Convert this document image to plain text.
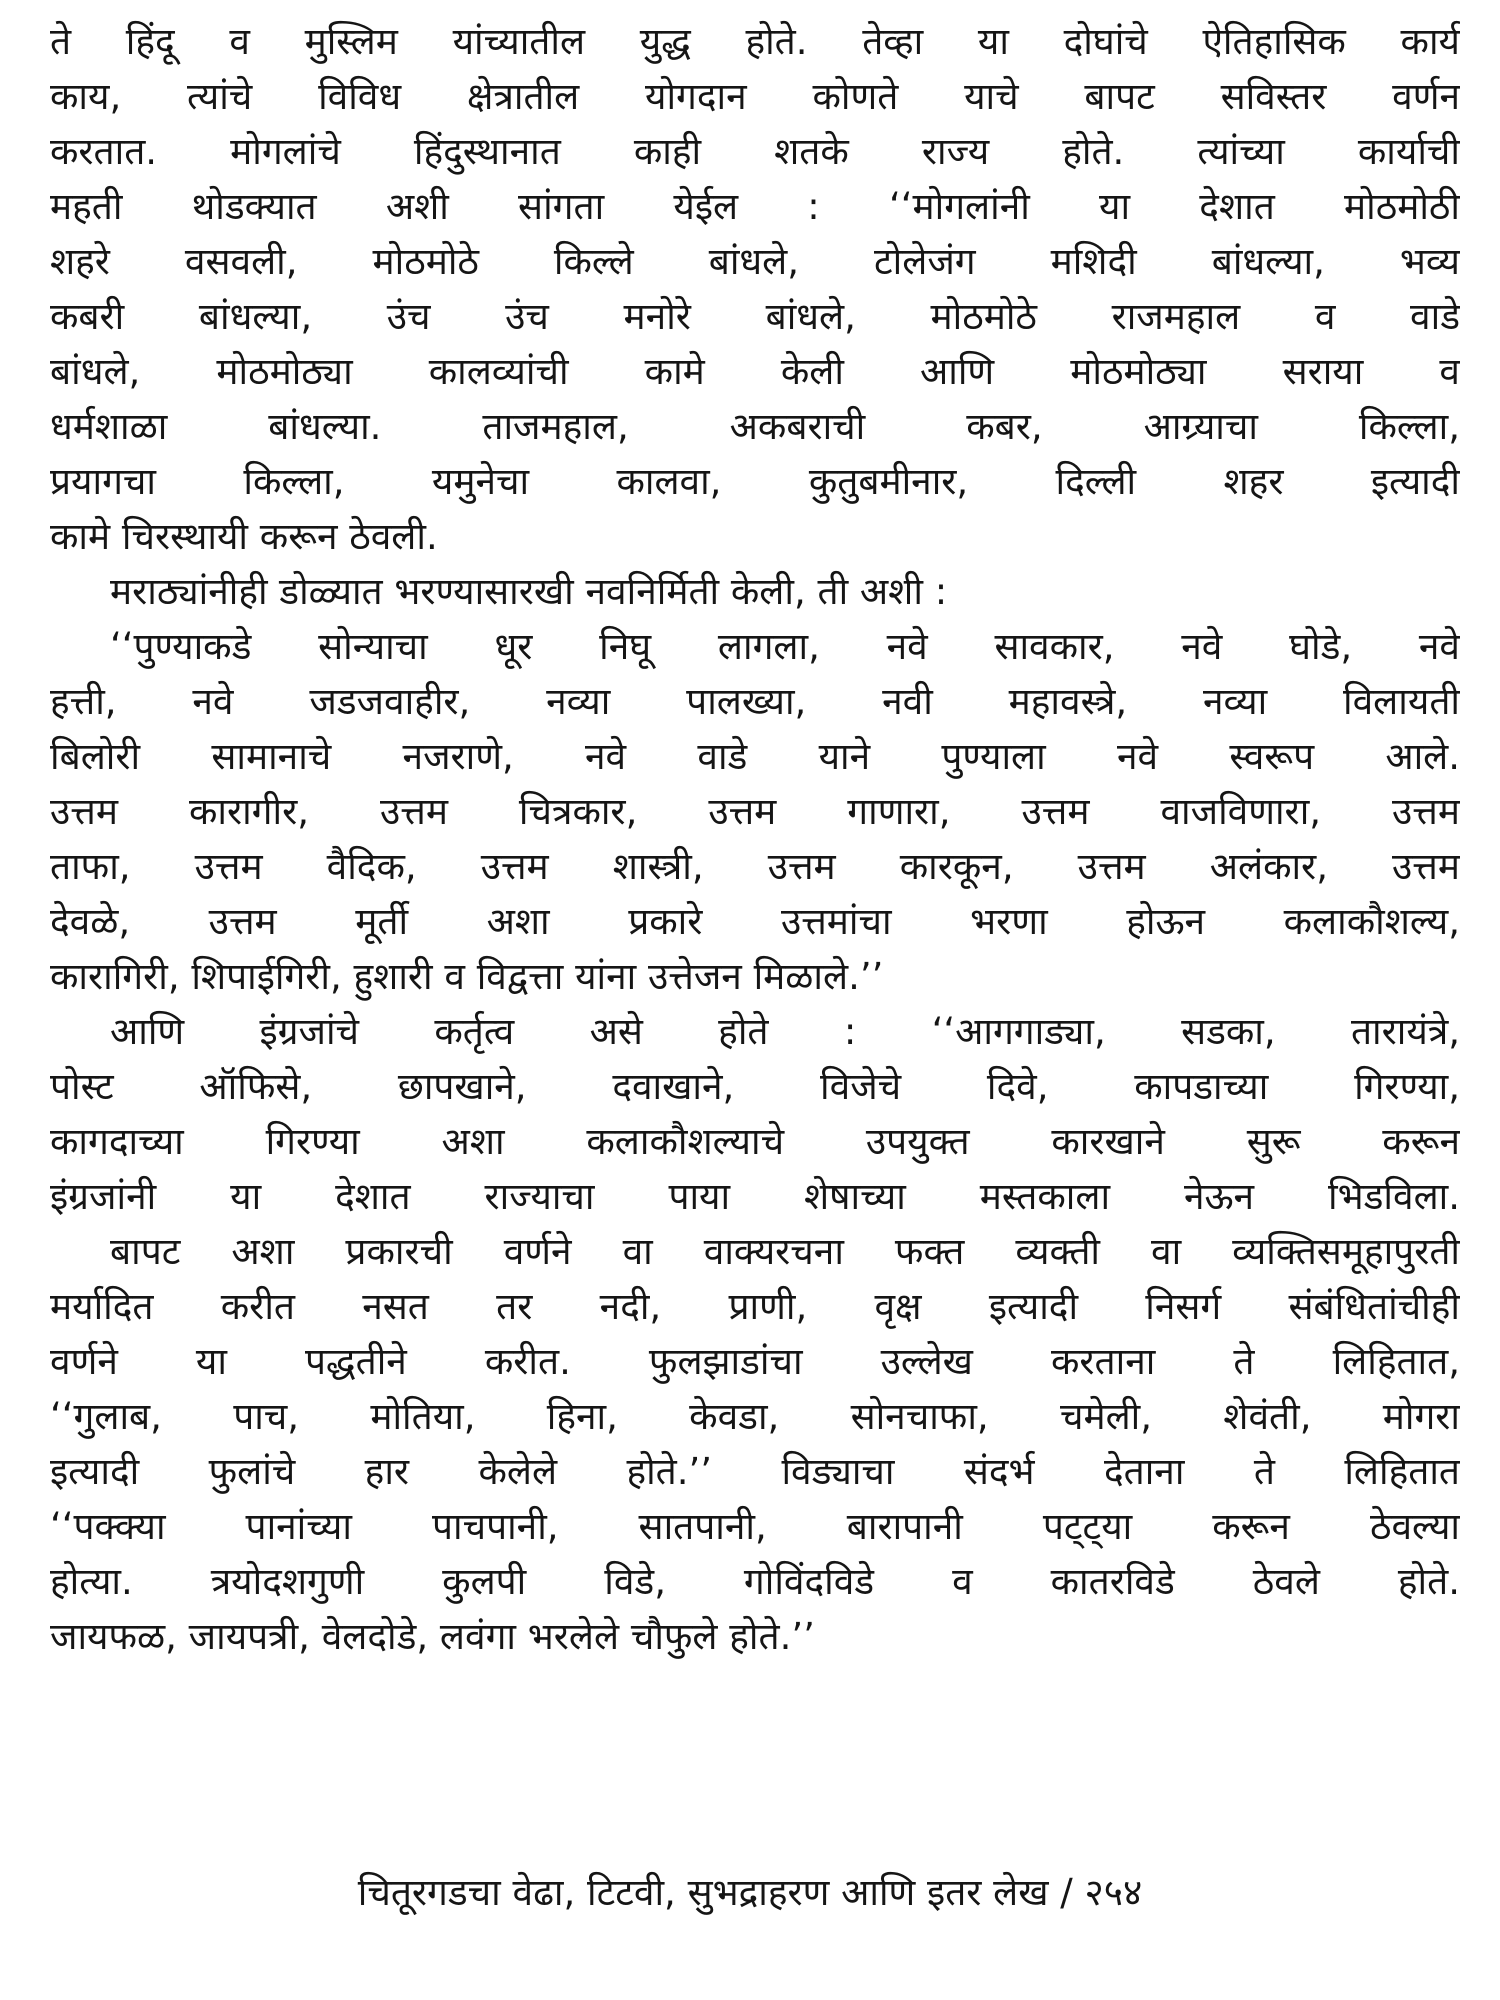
ते हिंदू व मुस्लिम यांच्यातील युद्ध होते. तेव्हा या दोघांचे ऐतिहासिक कार्य
काय, त्यांचे विविध क्षेत्रातील योगदान कोणते याचे बापट सविस्तर वर्णन
करतात. मोगलांचे हिंदुस्थानात काही शतके राज्य होते. त्यांच्या कार्याची
महती थोडक्यात अशी सांगता येईल : ‘‘मोगलांनी या देशात मोठमोठी
शहरे वसवली, मोठमोठे किल्ले बांधले, टोलेजंग मशिदी बांधल्या, भव्य
कबरी बांधल्या, उंच उंच मनोरे बांधले, मोठमोठे राजमहाल व वाडे
बांधले, मोठमोठ्या कालव्यांची कामे केली आणि मोठमोठ्या सराया व
धर्मशाळा बांधल्या. ताजमहाल, अकबराची कबर, आग्र्याचा किल्ला,
प्रयागचा किल्ला, यमुनेचा कालवा, कुतुबमीनार, दिल्ली शहर इत्यादी
कामे चिरस्थायी करून ठेवली.
मराठ्यांनीही डोळ्यात भरण्यासारखी नवनिर्मिती केली, ती अशी :
‘‘पुण्याकडे सोन्याचा धूर निघू लागला, नवे सावकार, नवे घोडे, नवे
हत्ती, नवे जडजवाहीर, नव्या पालख्या, नवी महावस्त्रे, नव्या विलायती
बिलोरी सामानाचे नजराणे, नवे वाडे याने पुण्याला नवे स्वरूप आले.
उत्तम कारागीर, उत्तम चित्रकार, उत्तम गाणारा, उत्तम वाजविणारा, उत्तम
ताफा, उत्तम वैदिक, उत्तम शास्त्री, उत्तम कारकून, उत्तम अलंकार, उत्तम
देवळे, उत्तम मूर्ती अशा प्रकारे उत्तमांचा भरणा होऊन कलाकौशल्य,
कारागिरी, शिपाईगिरी, हुशारी व विद्वत्ता यांना उत्तेजन मिळाले.’’
आणि इंग्रजांचे कर्तृत्व असे होते : ‘‘आगगाड्या, सडका, तारायंत्रे,
पोस्ट ऑफिसे, छापखाने, दवाखाने, विजेचे दिवे, कापडाच्या गिरण्या,
कागदाच्या गिरण्या अशा कलाकौशल्याचे उपयुक्त कारखाने सुरू करून
इंग्रजांनी या देशात राज्याचा पाया शेषाच्या मस्तकाला नेऊन भिडविला.
बापट अशा प्रकारची वर्णने वा वाक्यरचना फक्त व्यक्ती वा व्यक्तिसमूहापुरती
मर्यादित करीत नसत तर नदी, प्राणी, वृक्ष इत्यादी निसर्ग संबंधितांचीही
वर्णने या पद्धतीने करीत. फुलझाडांचा उल्लेख करताना ते लिहितात,
‘‘गुलाब, पाच, मोतिया, हिना, केवडा, सोनचाफा, चमेली, शेवंती, मोगरा
इत्यादी फुलांचे हार केलेले होते.’’ विड्याचा संदर्भ देताना ते लिहितात
‘‘पक्क्या पानांच्या पाचपानी, सातपानी, बारापानी पट्ट्या करून ठेवल्या
होत्या. त्रयोदशगुणी कुलपी विडे, गोविंदविडे व कातरविडे ठेवले होते.
जायफळ, जायपत्री, वेलदोडे, लवंगा भरलेले चौफुले होते.’’
चितूरगडचा वेढा, टिटवी, सुभद्राहरण आणि इतर लेख / २५४
